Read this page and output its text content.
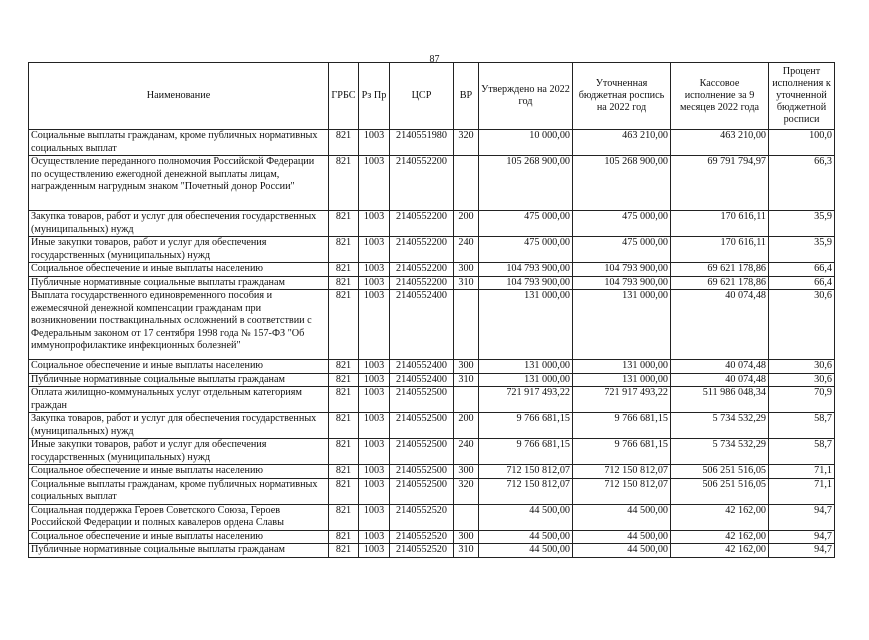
87
Наименование	ГРБС	Рз Пр	ЦСР	ВР	Утверждено на 2022 год	Уточненная бюджетная роспись на 2022 год	Кассовое исполнение за 9 месяцев 2022 года	Процент исполнения к уточненной бюджетной росписи
Социальные выплаты гражданам, кроме публичных нормативных социальных выплат	821	1003	2140551980	320	10 000,00	463 210,00	463 210,00	100,0
Осуществление переданного полномочия Российской Федерации по осуществлению ежегодной денежной выплаты лицам, награжденным нагрудным знаком "Почетный донор России"	821	1003	2140552200		105 268 900,00	105 268 900,00	69 791 794,97	66,3
Закупка товаров, работ и услуг для обеспечения государственных (муниципальных) нужд	821	1003	2140552200	200	475 000,00	475 000,00	170 616,11	35,9
Иные закупки товаров, работ и услуг для обеспечения государственных (муниципальных) нужд	821	1003	2140552200	240	475 000,00	475 000,00	170 616,11	35,9
Социальное обеспечение и иные выплаты населению	821	1003	2140552200	300	104 793 900,00	104 793 900,00	69 621 178,86	66,4
Публичные нормативные социальные выплаты гражданам	821	1003	2140552200	310	104 793 900,00	104 793 900,00	69 621 178,86	66,4
Выплата государственного единовременного пособия и ежемесячной денежной компенсации гражданам при возникновении поствакцинальных осложнений в соответствии с Федеральным законом от 17 сентября 1998 года № 157-ФЗ "Об иммунопрофилактике инфекционных болезней"	821	1003	2140552400		131 000,00	131 000,00	40 074,48	30,6
Социальное обеспечение и иные выплаты населению	821	1003	2140552400	300	131 000,00	131 000,00	40 074,48	30,6
Публичные нормативные социальные выплаты гражданам	821	1003	2140552400	310	131 000,00	131 000,00	40 074,48	30,6
Оплата жилищно-коммунальных услуг отдельным категориям граждан	821	1003	2140552500		721 917 493,22	721 917 493,22	511 986 048,34	70,9
Закупка товаров, работ и услуг для обеспечения государственных (муниципальных) нужд	821	1003	2140552500	200	9 766 681,15	9 766 681,15	5 734 532,29	58,7
Иные закупки товаров, работ и услуг для обеспечения государственных (муниципальных) нужд	821	1003	2140552500	240	9 766 681,15	9 766 681,15	5 734 532,29	58,7
Социальное обеспечение и иные выплаты населению	821	1003	2140552500	300	712 150 812,07	712 150 812,07	506 251 516,05	71,1
Социальные выплаты гражданам, кроме публичных нормативных социальных выплат	821	1003	2140552500	320	712 150 812,07	712 150 812,07	506 251 516,05	71,1
Социальная поддержка Героев Советского Союза, Героев Российской Федерации и полных кавалеров ордена Славы	821	1003	2140552520		44 500,00	44 500,00	42 162,00	94,7
Социальное обеспечение и иные выплаты населению	821	1003	2140552520	300	44 500,00	44 500,00	42 162,00	94,7
Публичные нормативные социальные выплаты гражданам	821	1003	2140552520	310	44 500,00	44 500,00	42 162,00	94,7
